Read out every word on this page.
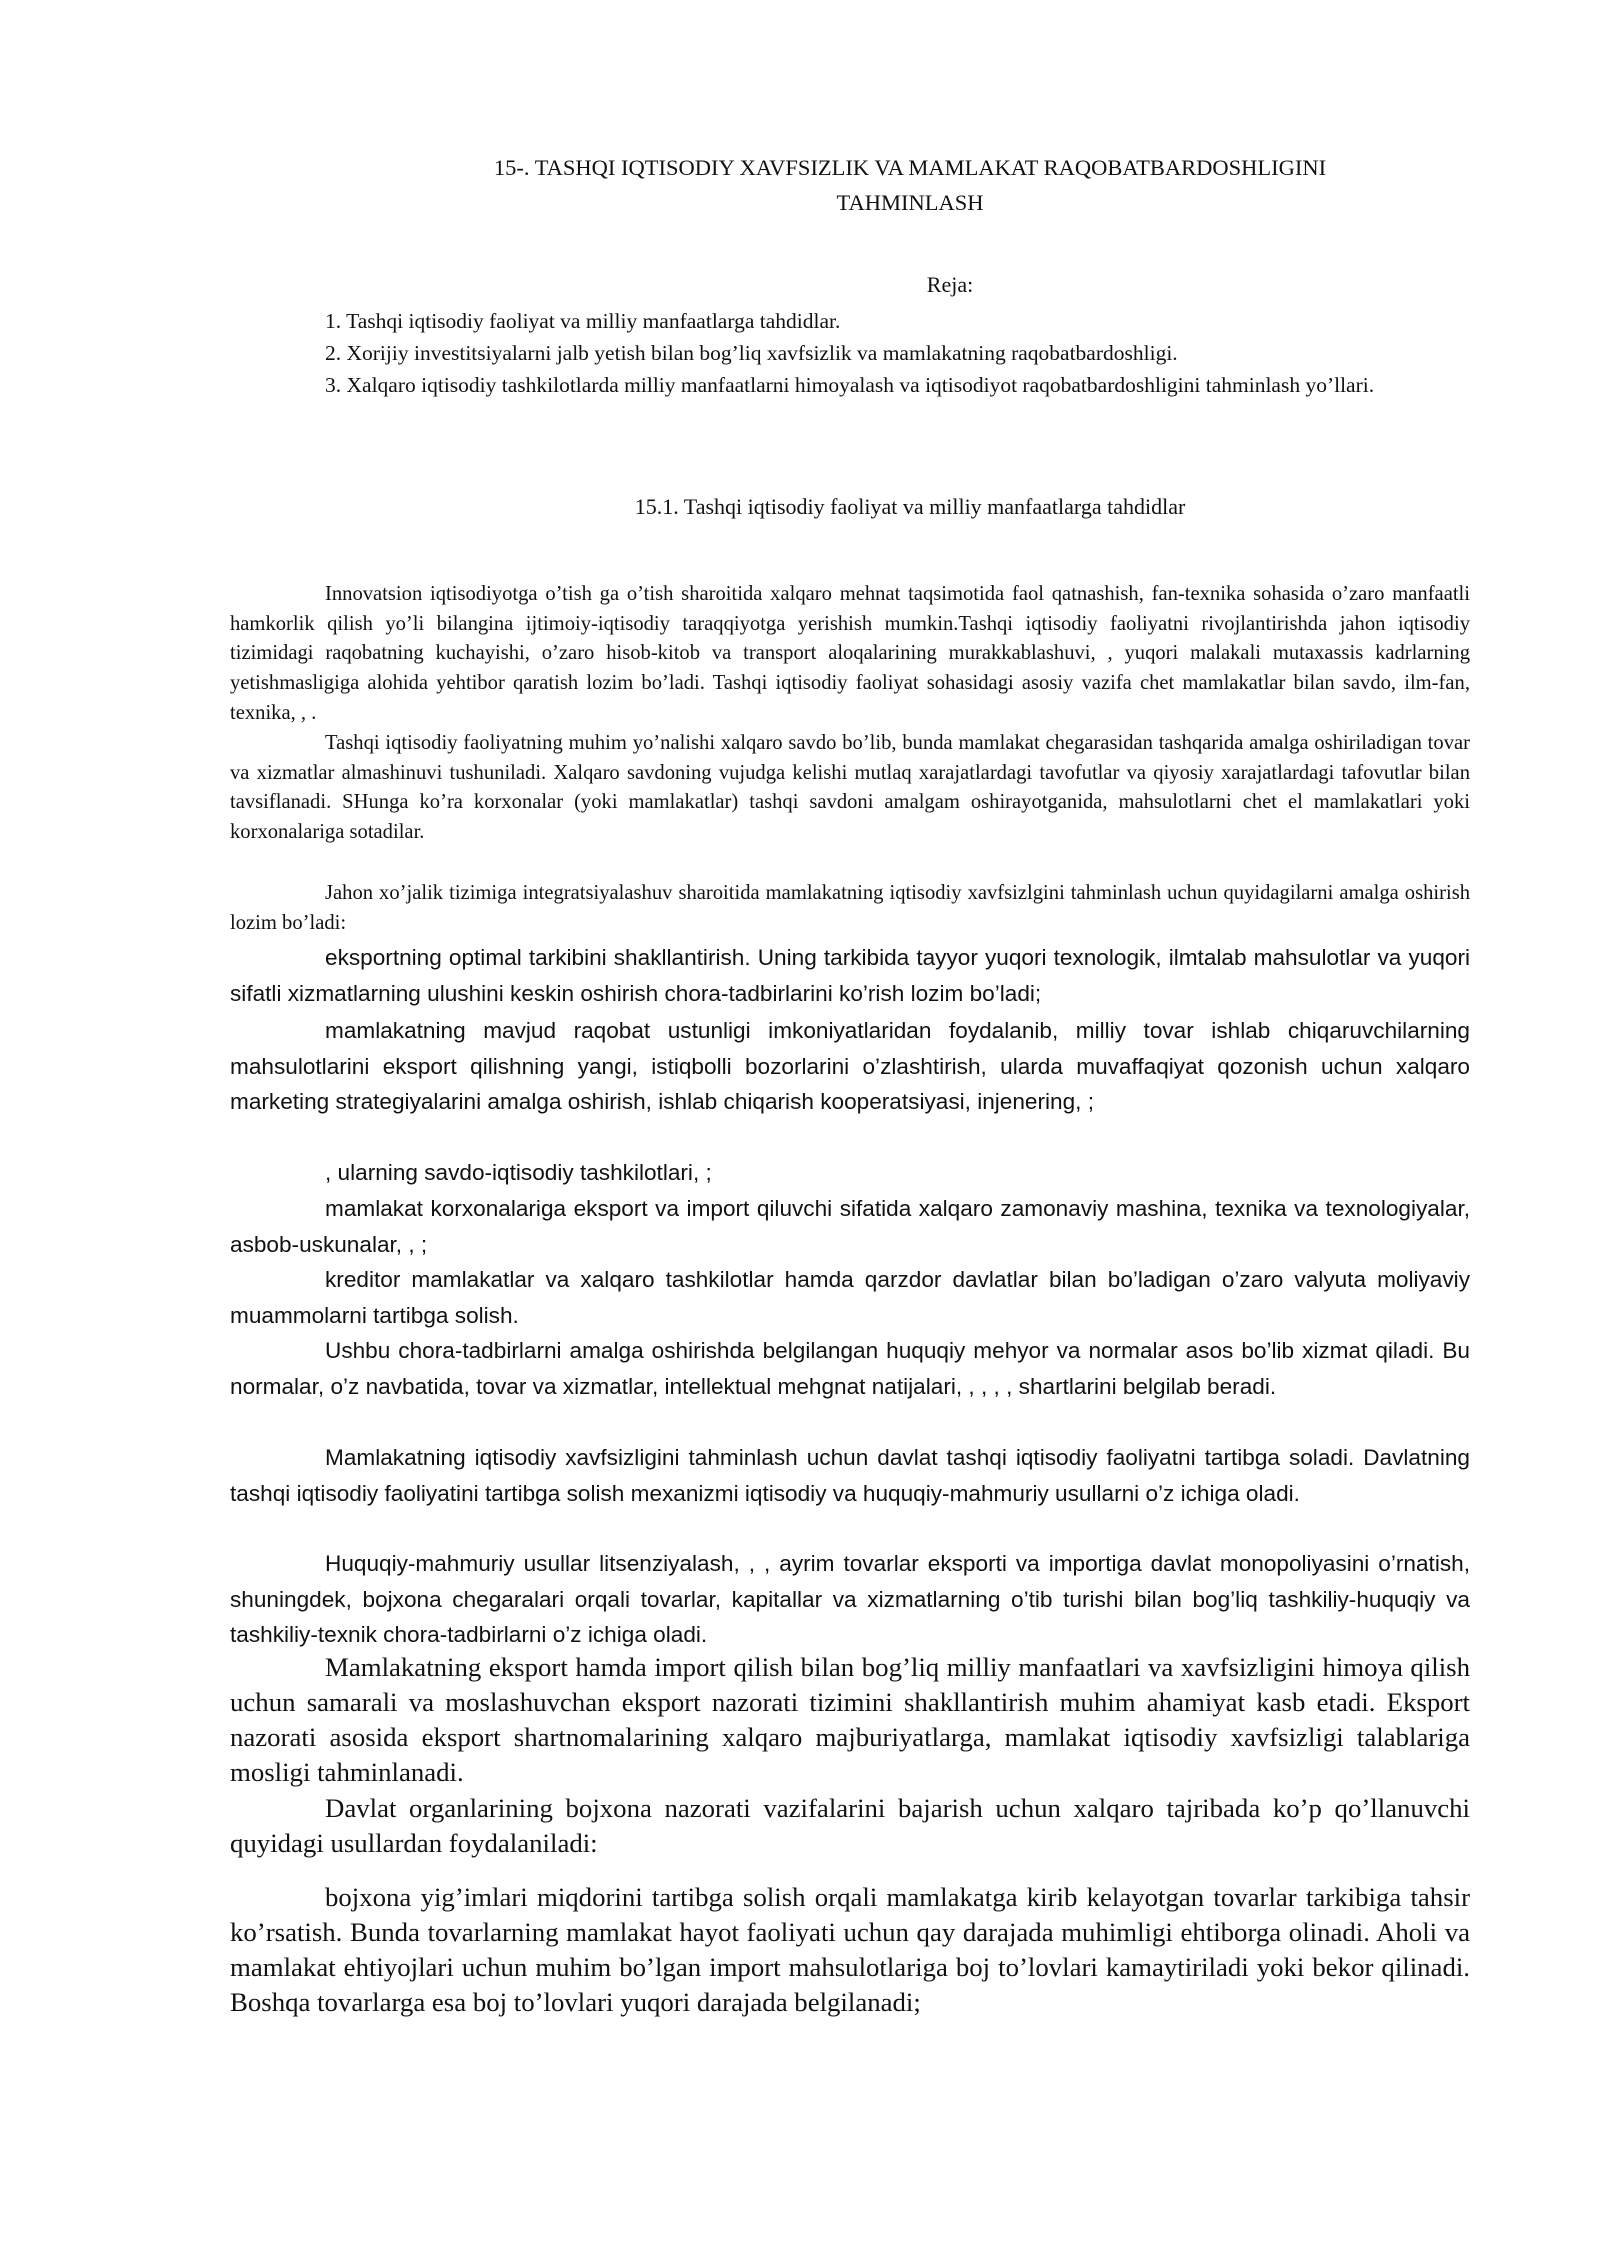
15-. TASHQI IQTISODIY XAVFSIZLIK VA MAMLAKAT RAQOBATBARDOSHLIGINI
TAHMINLASH
Reja:

1. Tashqi iqtisodiy faoliyat va milliy manfaatlarga tahdidlar.

2. Xorijiy investitsiyalarni jalb yetish bilan bog’liq xavfsizlik va mamlakatning raqobatbardoshligi.

3. Xalqaro iqtisodiy tashkilotlarda milliy manfaatlarni himoyalash va iqtisodiyot raqobatbardoshligini tahminlash yo’llari.

15.1. Tashqi iqtisodiy faoliyat va milliy manfaatlarga tahdidlar

Innovatsion iqtisodiyotga o’tish ga o’tish sharoitida xalqaro mehnat taqsimotida faol qatnashish, fan-texnika sohasida o’zaro manfaatli hamkorlik qilish yo’li bilangina ijtimoiy-iqtisodiy taraqqiyotga yerishish mumkin.Tashqi iqtisodiy faoliyatni rivojlantirishda jahon iqtisodiy tizimidagi raqobatning kuchayishi, o’zaro hisob-kitob va transport aloqalarining murakkablashuvi, , yuqori malakali mutaxassis kadrlarning yetishmasligiga alohida yehtibor qaratish lozim bo’ladi. Tashqi iqtisodiy faoliyat sohasidagi asosiy vazifa chet mamlakatlar bilan savdo, ilm-fan, texnika, , .

Tashqi iqtisodiy faoliyatning muhim yo’nalishi xalqaro savdo bo’lib, bunda mamlakat chegarasidan tashqarida amalga oshiriladigan tovar va xizmatlar almashinuvi tushuniladi. Xalqaro savdoning vujudga kelishi mutlaq xarajatlardagi tavofutlar va qiyosiy xarajatlardagi tafovutlar bilan tavsiflanadi. SHunga ko’ra korxonalar (yoki mamlakatlar) tashqi savdoni amalgam oshirayotganida, mahsulotlarni chet el mamlakatlari yoki korxonalariga sotadilar.

Jahon xo’jalik tizimiga integratsiyalashuv sharoitida mamlakatning iqtisodiy xavfsizlgini tahminlash uchun quyidagilarni amalga oshirish lozim bo’ladi:

eksportning optimal tarkibini shakllantirish. Uning tarkibida tayyor yuqori texnologik, ilmtalab mahsulotlar va yuqori sifatli xizmatlarning ulushini keskin oshirish chora-tadbirlarini ko’rish lozim bo’ladi;

mamlakatning mavjud raqobat ustunligi imkoniyatlaridan foydalanib, milliy tovar ishlab chiqaruvchilarning mahsulotlarini eksport qilishning yangi, istiqbolli bozorlarini o’zlashtirish, ularda muvaffaqiyat qozonish uchun xalqaro marketing strategiyalarini amalga oshirish, ishlab chiqarish kooperatsiyasi, injenering, ;

, ularning savdo-iqtisodiy tashkilotlari, ;

mamlakat korxonalariga eksport va import qiluvchi sifatida xalqaro zamonaviy mashina, texnika va texnologiyalar, asbob-uskunalar, , ;

kreditor mamlakatlar va xalqaro tashkilotlar hamda qarzdor davlatlar bilan bo’ladigan o’zaro valyuta moliyaviy muammolarni tartibga solish.

Ushbu chora-tadbirlarni amalga oshirishda belgilangan huquqiy mehyor va normalar asos bo’lib xizmat qiladi. Bu normalar, o’z navbatida, tovar va xizmatlar, intellektual mehgnat natijalari, , , , , shartlarini belgilab beradi.

Mamlakatning iqtisodiy xavfsizligini tahminlash uchun davlat tashqi iqtisodiy faoliyatni tartibga soladi. Davlatning tashqi iqtisodiy faoliyatini tartibga solish mexanizmi iqtisodiy va huquqiy-mahmuriy usullarni o’z ichiga oladi.

Huquqiy-mahmuriy usullar litsenziyalash, , , ayrim tovarlar eksporti va importiga davlat monopoliyasini o’rnatish, shuningdek, bojxona chegaralari orqali tovarlar, kapitallar va xizmatlarning o’tib turishi bilan bog’liq tashkiliy-huquqiy va tashkiliy-texnik chora-tadbirlarni o’z ichiga oladi.

Mamlakatning eksport hamda import qilish bilan bog’liq milliy manfaatlari va xavfsizligini himoya qilish uchun samarali va moslashuvchan eksport nazorati tizimini shakllantirish muhim ahamiyat kasb etadi. Eksport nazorati asosida eksport shartnomalarining xalqaro majburiyatlarga, mamlakat iqtisodiy xavfsizligi talablariga mosligi tahminlanadi.

Davlat organlarining bojxona nazorati vazifalarini bajarish uchun xalqaro tajribada ko’p qo’llanuvchi quyidagi usullardan foydalaniladi:

bojxona yig’imlari miqdorini tartibga solish orqali mamlakatga kirib kelayotgan tovarlar tarkibiga tahsir ko’rsatish. Bunda tovarlarning mamlakat hayot faoliyati uchun qay darajada muhimligi ehtiborga olinadi. Aholi va mamlakat ehtiyojlari uchun muhim bo’lgan import mahsulotlariga boj to’lovlari kamaytiriladi yoki bekor qilinadi. Boshqa tovarlarga esa boj to’lovlari yuqori darajada belgilanadi;
